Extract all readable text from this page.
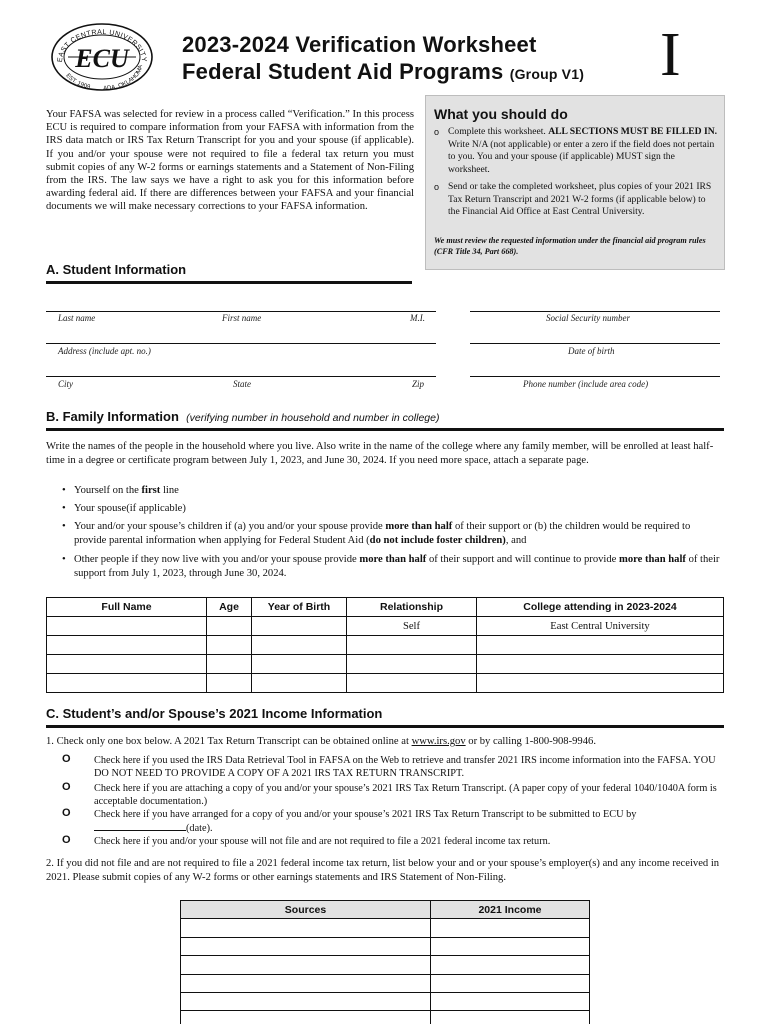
EAST CENTRAL UNIVERSITY
EST. 1909 ADA, OKLAHOMA
ECU 2023-2024 Verification Worksheet
Federal Student Aid Programs (Group V1) I
Your FAFSA was selected for review in a process called “Verification.” In this process ECU is required to compare information from your FAFSA with information from the IRS data match or IRS Tax Return Transcript for you and your spouse (if applicable). If you and/or your spouse were not required to file a federal tax return you must submit copies of any W-2 forms or earnings statements and a Statement of Non-Filing from the IRS. The law says we have a right to ask you for this information before awarding federal aid. If there are differences between your FAFSA and your financial documents we will make necessary corrections to your FAFSA information.
What you should do
o Complete this worksheet. ALL SECTIONS MUST BE FILLED IN. Write N/A (not applicable) or enter a zero if the field does not pertain to you. You and your spouse (if applicable) MUST sign the worksheet.
o Send or take the completed worksheet, plus copies of your 2021 IRS Tax Return Transcript and 2021 W-2 forms (if applicable below) to the Financial Aid Office at East Central University.
We must review the requested information under the financial aid program rules (CFR Title 34, Part 668).
A. Student Information
Last name	First name	M.I.	Social Security number
Address (include apt. no.)	Date of birth
City	State	Zip	Phone number (include area code)
B. Family Information (verifying number in household and number in college)
Write the names of the people in the household where you live. Also write in the name of the college where any family member, will be enrolled at least half-time in a degree or certificate program between July 1, 2023, and June 30, 2024. If you need more space, attach a separate page.
• Yourself on the first line
• Your spouse(if applicable)
• Your and/or your spouse’s children if (a) you and/or your spouse provide more than half of their support or (b) the children would be required to provide parental information when applying for Federal Student Aid (do not include foster children), and
• Other people if they now live with you and/or your spouse provide more than half of their support and will continue to provide more than half of their support from July 1, 2023, through June 30, 2024.
Full Name	Age	Year of Birth	Relationship	College attending in 2023-2024
			Self	East Central University

C. Student’s and/or Spouse’s 2021 Income Information
1. Check only one box below. A 2021 Tax Return Transcript can be obtained online at www.irs.gov or by calling 1-800-908-9946.
O	Check here if you used the IRS Data Retrieval Tool in FAFSA on the Web to retrieve and transfer 2021 IRS income information into the FAFSA. YOU DO NOT NEED TO PROVIDE A COPY OF A 2021 IRS TAX RETURN TRANSCRIPT.
O	Check here if you are attaching a copy of you and/or your spouse’s 2021 IRS Tax Return Transcript. (A paper copy of your federal 1040/1040A form is acceptable documentation.)
O	Check here if you have arranged for a copy of you and/or your spouse’s 2021 IRS Tax Return Transcript to be submitted to ECU by (date).
O	Check here if you and/or your spouse will not file and are not required to file a 2021 federal income tax return.
2. If you did not file and are not required to file a 2021 federal income tax return, list below your and or your spouse’s employer(s) and any income received in 2021. Please submit copies of any W-2 forms or other earnings statements and IRS Statement of Non-Filing.
Sources	2021 Income
